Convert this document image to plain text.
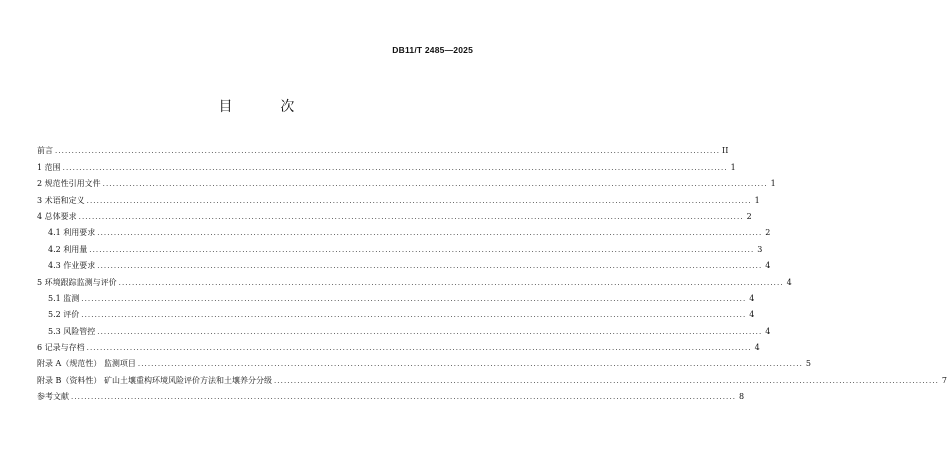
DB11/T 2485—2025
目 次
前言 ........................................................................................................................................................................................................ II
1 范围 ........................................................................................................................................................................................................ 1
2 规范性引用文件 ........................................................................................................................................................................................................ 1
3 术语和定义 ........................................................................................................................................................................................................ 1
4 总体要求 ........................................................................................................................................................................................................ 2
4.1 利用要求 ........................................................................................................................................................................................................ 2
4.2 利用量 ........................................................................................................................................................................................................ 3
4.3 作业要求 ........................................................................................................................................................................................................ 4
5 环境跟踪监测与评价 ........................................................................................................................................................................................................ 4
5.1 监测 ........................................................................................................................................................................................................ 4
5.2 评价 ........................................................................................................................................................................................................ 4
5.3 风险管控 ........................................................................................................................................................................................................ 4
6 记录与存档 ........................................................................................................................................................................................................ 4
附录 A（规范性） 监测项目 ........................................................................................................................................................................................................ 5
附录 B（资料性） 矿山土壤重构环境风险评价方法和土壤养分分级 ........................................................................................................................................................................................................ 7
参考文献 ........................................................................................................................................................................................................ 8
